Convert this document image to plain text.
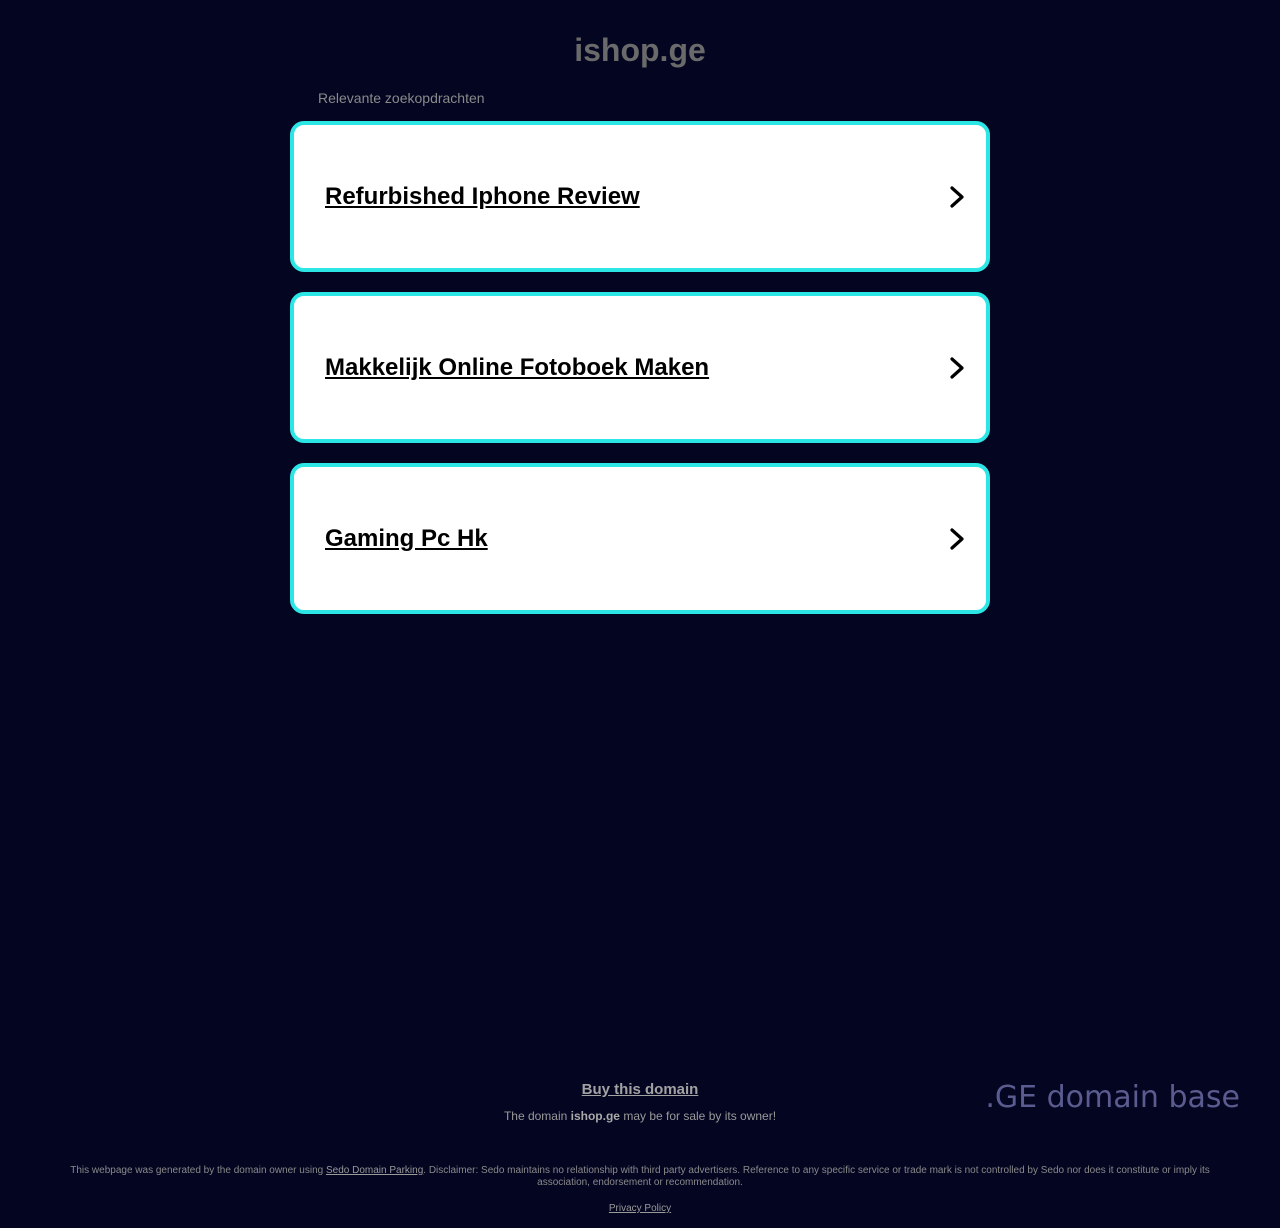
ishop.ge
Relevante zoekopdrachten
Refurbished Iphone Review
Makkelijk Online Fotoboek Maken
Gaming Pc Hk
Buy this domain
The domain ishop.ge may be for sale by its owner!
.GE domain base
This webpage was generated by the domain owner using Sedo Domain Parking. Disclaimer: Sedo maintains no relationship with third party advertisers. Reference to any specific service or trade mark is not controlled by Sedo nor does it constitute or imply its association, endorsement or recommendation.
Privacy Policy
